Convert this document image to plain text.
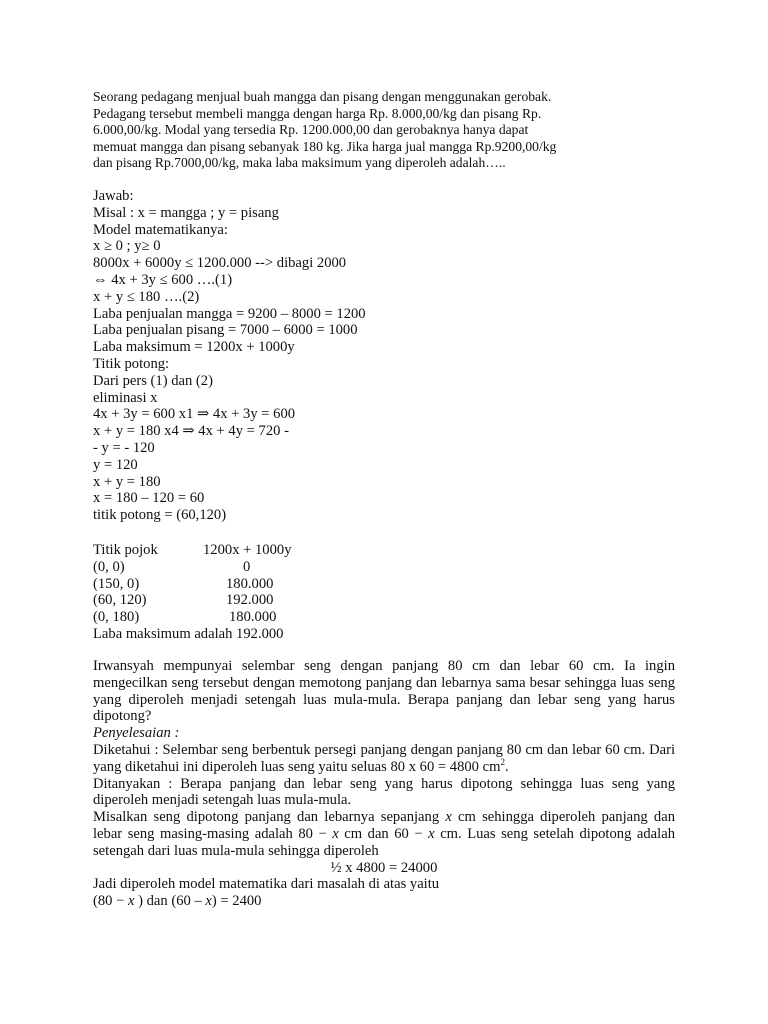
Seorang pedagang menjual buah mangga dan pisang dengan menggunakan gerobak.
Pedagang tersebut membeli mangga dengan harga Rp. 8.000,00/kg dan pisang Rp.
6.000,00/kg. Modal yang tersedia Rp. 1200.000,00 dan gerobaknya hanya dapat
memuat mangga dan pisang sebanyak 180 kg. Jika harga jual mangga Rp.9200,00/kg
dan pisang Rp.7000,00/kg, maka laba maksimum yang diperoleh adalah…..
Jawab:
Misal : x = mangga ; y = pisang
Model matematikanya:
x ≥ 0 ; y≥ 0
8000x + 6000y ≤ 1200.000 --> dibagi 2000
⇔ 4x + 3y ≤ 600 ….(1)
x + y ≤ 180 ….(2)
Laba penjualan mangga = 9200 – 8000 = 1200
Laba penjualan pisang = 7000 – 6000 = 1000
Laba maksimum = 1200x + 1000y
Titik potong:
Dari pers (1) dan (2)
eliminasi x
4x + 3y = 600 x1 ⇒ 4x + 3y = 600
x + y = 180 x4 ⇒ 4x + 4y = 720 -
- y = - 120
y = 120
x + y = 180
x = 180 – 120 = 60
titik potong = (60,120)
Titik pojok	1200x + 1000y
(0, 0)	0
(150, 0)	180.000
(60, 120)	192.000
(0, 180)	180.000
Laba maksimum adalah 192.000
Irwansyah mempunyai selembar seng dengan panjang 80 cm dan lebar 60 cm. Ia ingin mengecilkan seng tersebut dengan memotong panjang dan lebarnya sama besar sehingga luas seng yang diperoleh menjadi setengah luas mula-mula. Berapa panjang dan lebar seng yang harus dipotong?
Penyelesaian :
Diketahui : Selembar seng berbentuk persegi panjang dengan panjang 80 cm dan lebar 60 cm. Dari yang diketahui ini diperoleh luas seng yaitu seluas 80 x 60 = 4800 $cm^2$.
Ditanyakan : Berapa panjang dan lebar seng yang harus dipotong sehingga luas seng yang diperoleh menjadi setengah luas mula-mula.
Misalkan seng dipotong panjang dan lebarnya sepanjang x cm sehingga diperoleh panjang dan lebar seng masing-masing adalah 80 − x cm dan 60 − x cm. Luas seng setelah dipotong adalah setengah dari luas mula-mula sehingga diperoleh
½ x 4800 = 24000
Jadi diperoleh model matematika dari masalah di atas yaitu
(80 − x ) dan (60 – x) = 2400
